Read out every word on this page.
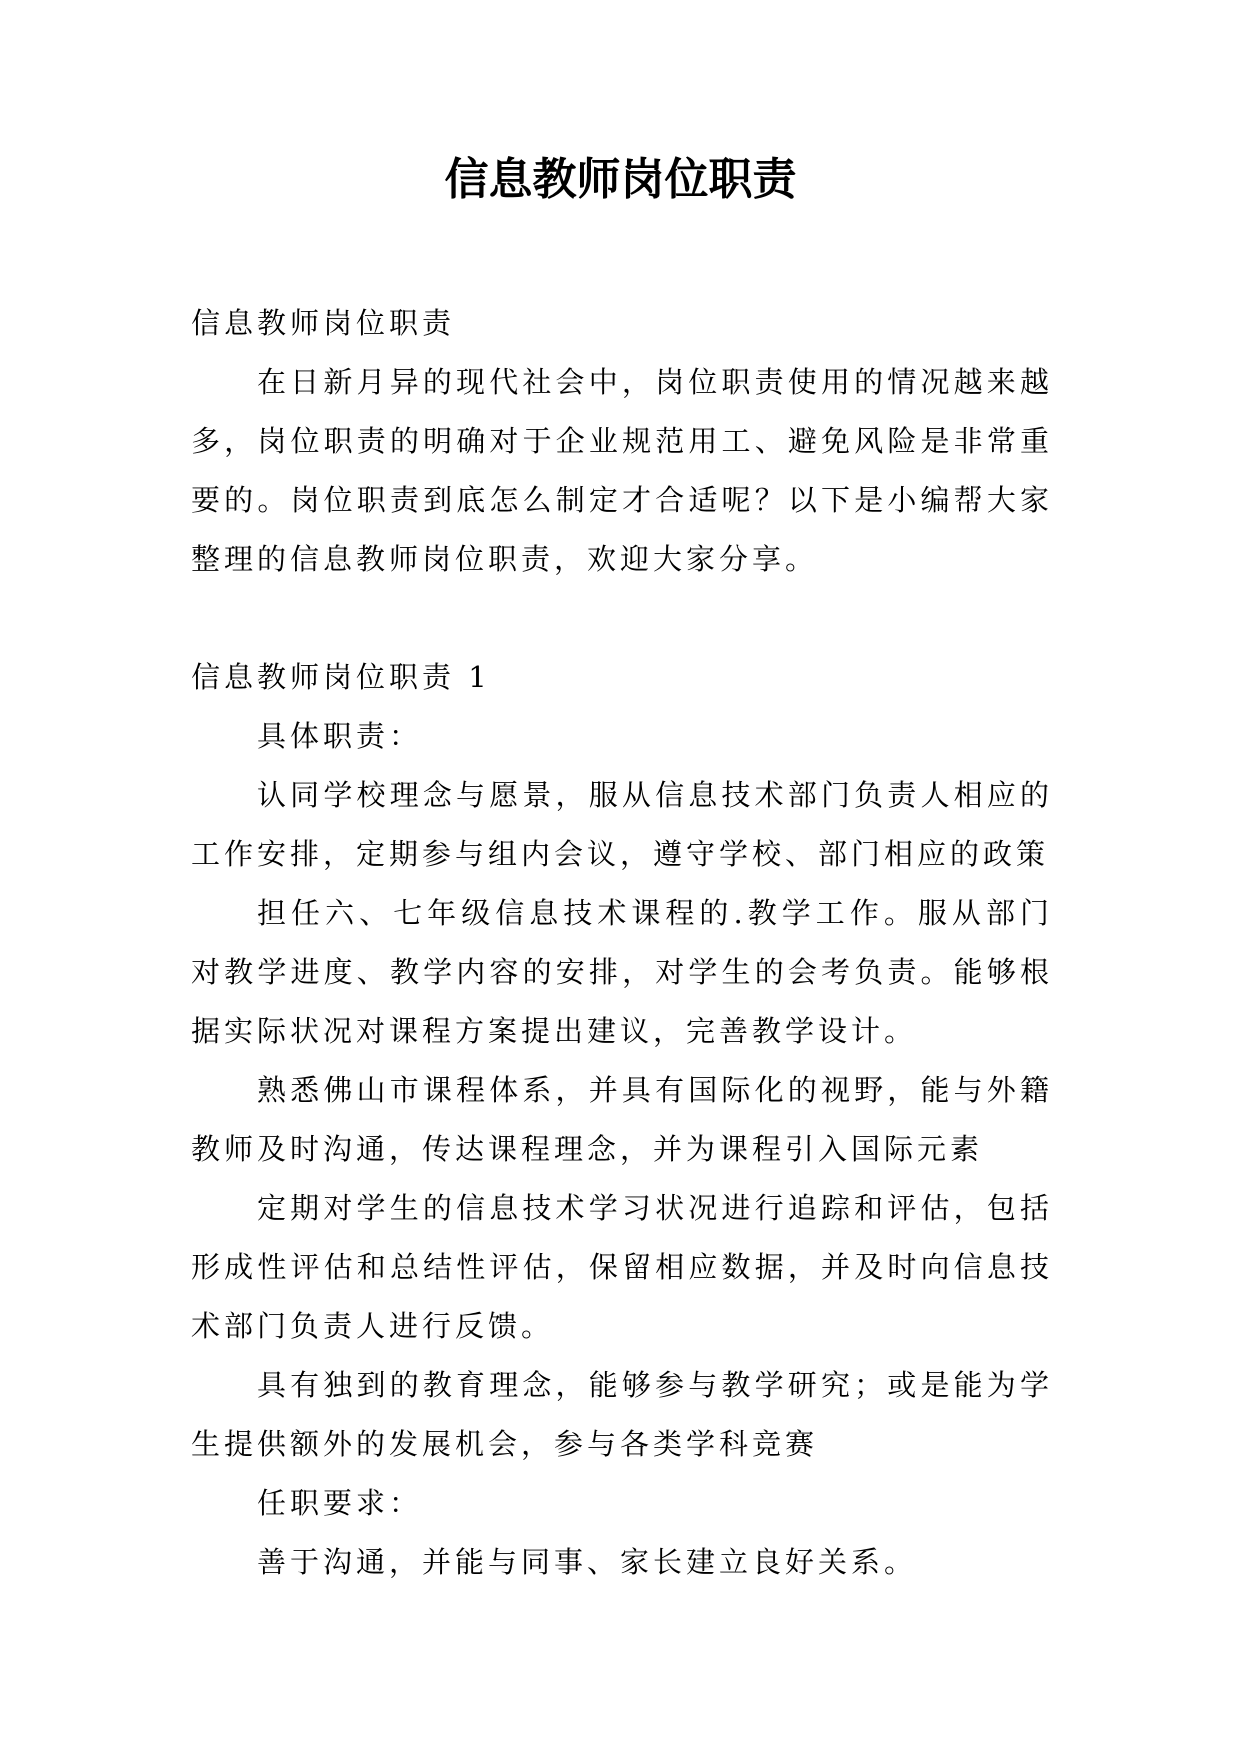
信息教师岗位职责

信息教师岗位职责

在日新月异的现代社会中，岗位职责使用的情况越来越多，岗位职责的明确对于企业规范用工、避免风险是非常重要的。岗位职责到底怎么制定才合适呢？以下是小编帮大家整理的信息教师岗位职责，欢迎大家分享。

信息教师岗位职责 1

具体职责：

认同学校理念与愿景，服从信息技术部门负责人相应的工作安排，定期参与组内会议，遵守学校、部门相应的政策

担任六、七年级信息技术课程的.教学工作。服从部门对教学进度、教学内容的安排，对学生的会考负责。能够根据实际状况对课程方案提出建议，完善教学设计。

熟悉佛山市课程体系，并具有国际化的视野，能与外籍教师及时沟通，传达课程理念，并为课程引入国际元素

定期对学生的信息技术学习状况进行追踪和评估，包括形成性评估和总结性评估，保留相应数据，并及时向信息技术部门负责人进行反馈。

具有独到的教育理念，能够参与教学研究；或是能为学生提供额外的发展机会，参与各类学科竞赛

任职要求：

善于沟通，并能与同事、家长建立良好关系。
